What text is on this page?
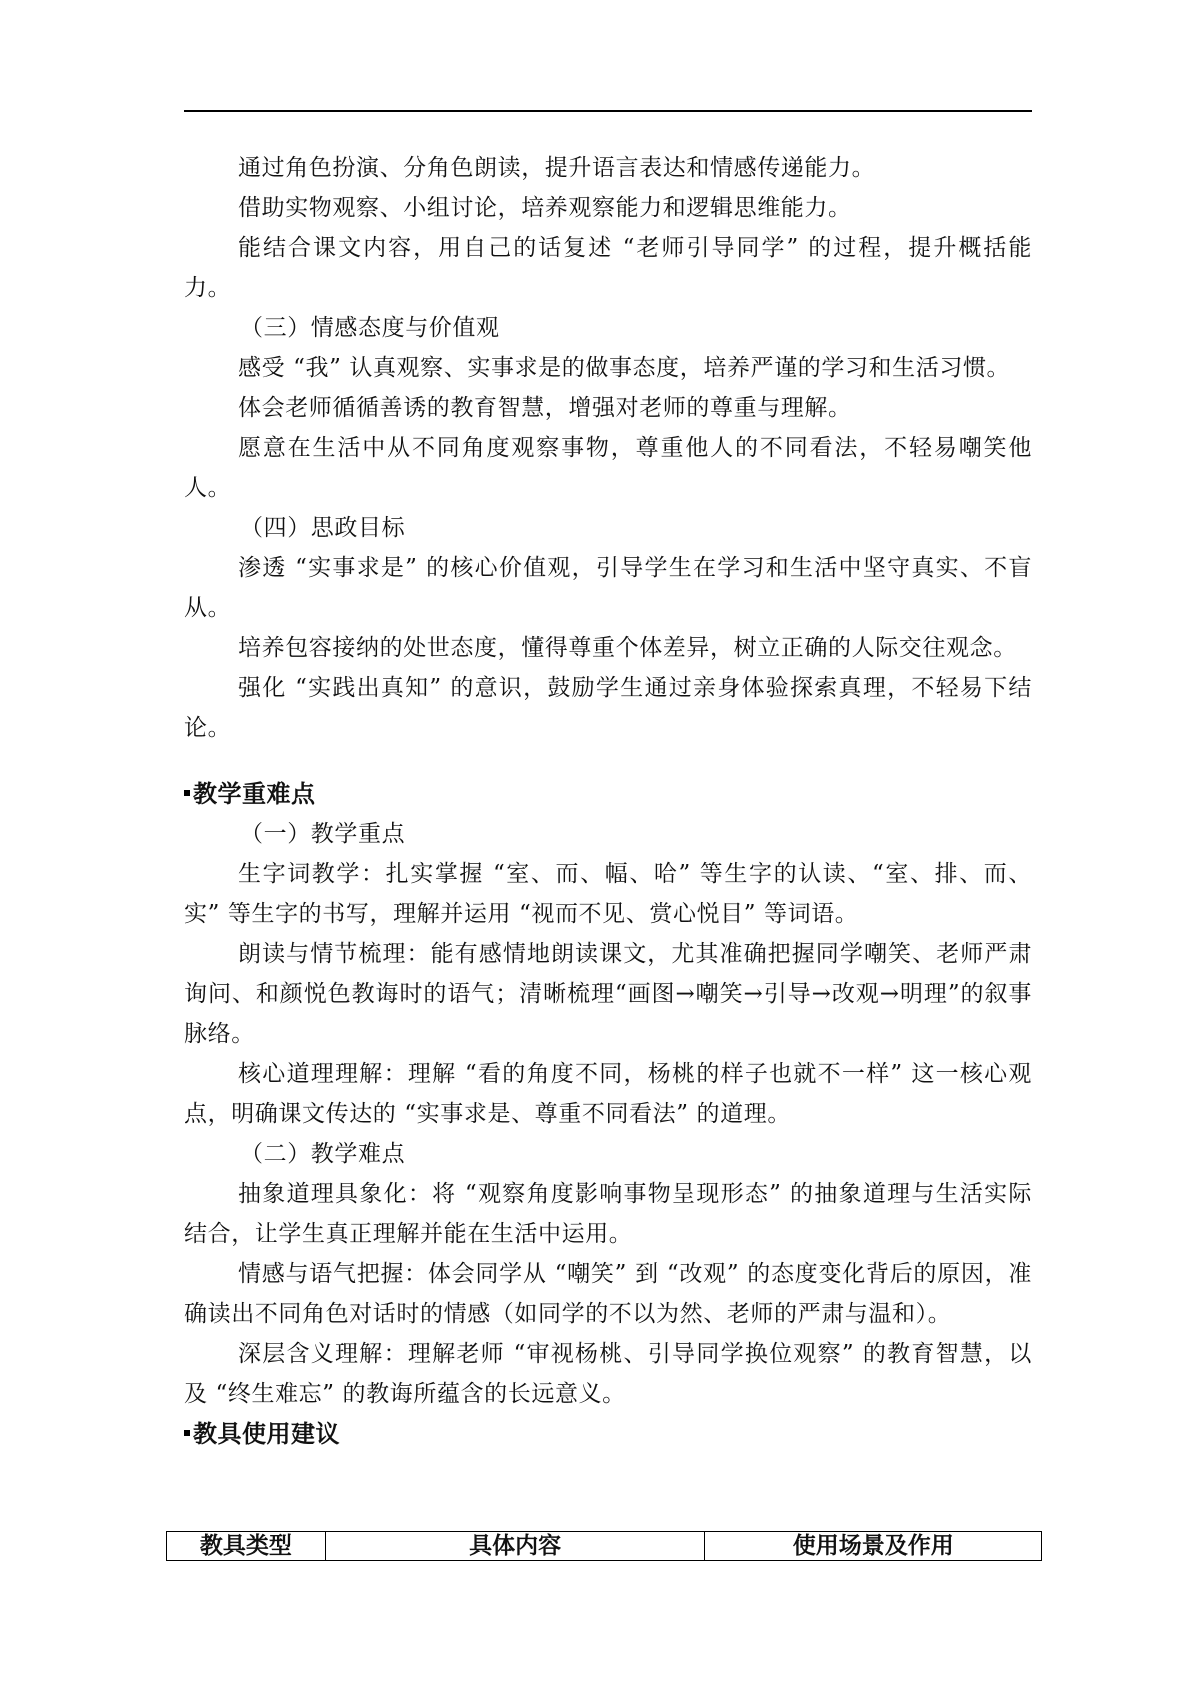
通过角色扮演、分角色朗读，提升语言表达和情感传递能力。

借助实物观察、小组讨论，培养观察能力和逻辑思维能力。

能结合课文内容，用自己的话复述 “老师引导同学” 的过程，提升概括能力。

（三）情感态度与价值观

感受 “我” 认真观察、实事求是的做事态度，培养严谨的学习和生活习惯。

体会老师循循善诱的教育智慧，增强对老师的尊重与理解。

愿意在生活中从不同角度观察事物，尊重他人的不同看法，不轻易嘲笑他人。

（四）思政目标

渗透 “实事求是” 的核心价值观，引导学生在学习和生活中坚守真实、不盲从。

培养包容接纳的处世态度，懂得尊重个体差异，树立正确的人际交往观念。

强化 “实践出真知” 的意识，鼓励学生通过亲身体验探索真理，不轻易下结论。

教学重难点

（一）教学重点

生字词教学：扎实掌握 “室、而、幅、哈” 等生字的认读、“室、排、而、实” 等生字的书写，理解并运用 “视而不见、赏心悦目” 等词语。

朗读与情节梳理：能有感情地朗读课文，尤其准确把握同学嘲笑、老师严肃询问、和颜悦色教诲时的语气；清晰梳理“画图→嘲笑→引导→改观→明理”的叙事脉络。

核心道理理解：理解 “看的角度不同，杨桃的样子也就不一样” 这一核心观点，明确课文传达的 “实事求是、尊重不同看法” 的道理。

（二）教学难点

抽象道理具象化：将 “观察角度影响事物呈现形态” 的抽象道理与生活实际结合，让学生真正理解并能在生活中运用。

情感与语气把握：体会同学从 “嘲笑” 到 “改观” 的态度变化背后的原因，准确读出不同角色对话时的情感（如同学的不以为然、老师的严肃与温和）。

深层含义理解：理解老师 “审视杨桃、引导同学换位观察” 的教育智慧，以及 “终生难忘” 的教诲所蕴含的长远意义。

教具使用建议

教具类型	具体内容	使用场景及作用
